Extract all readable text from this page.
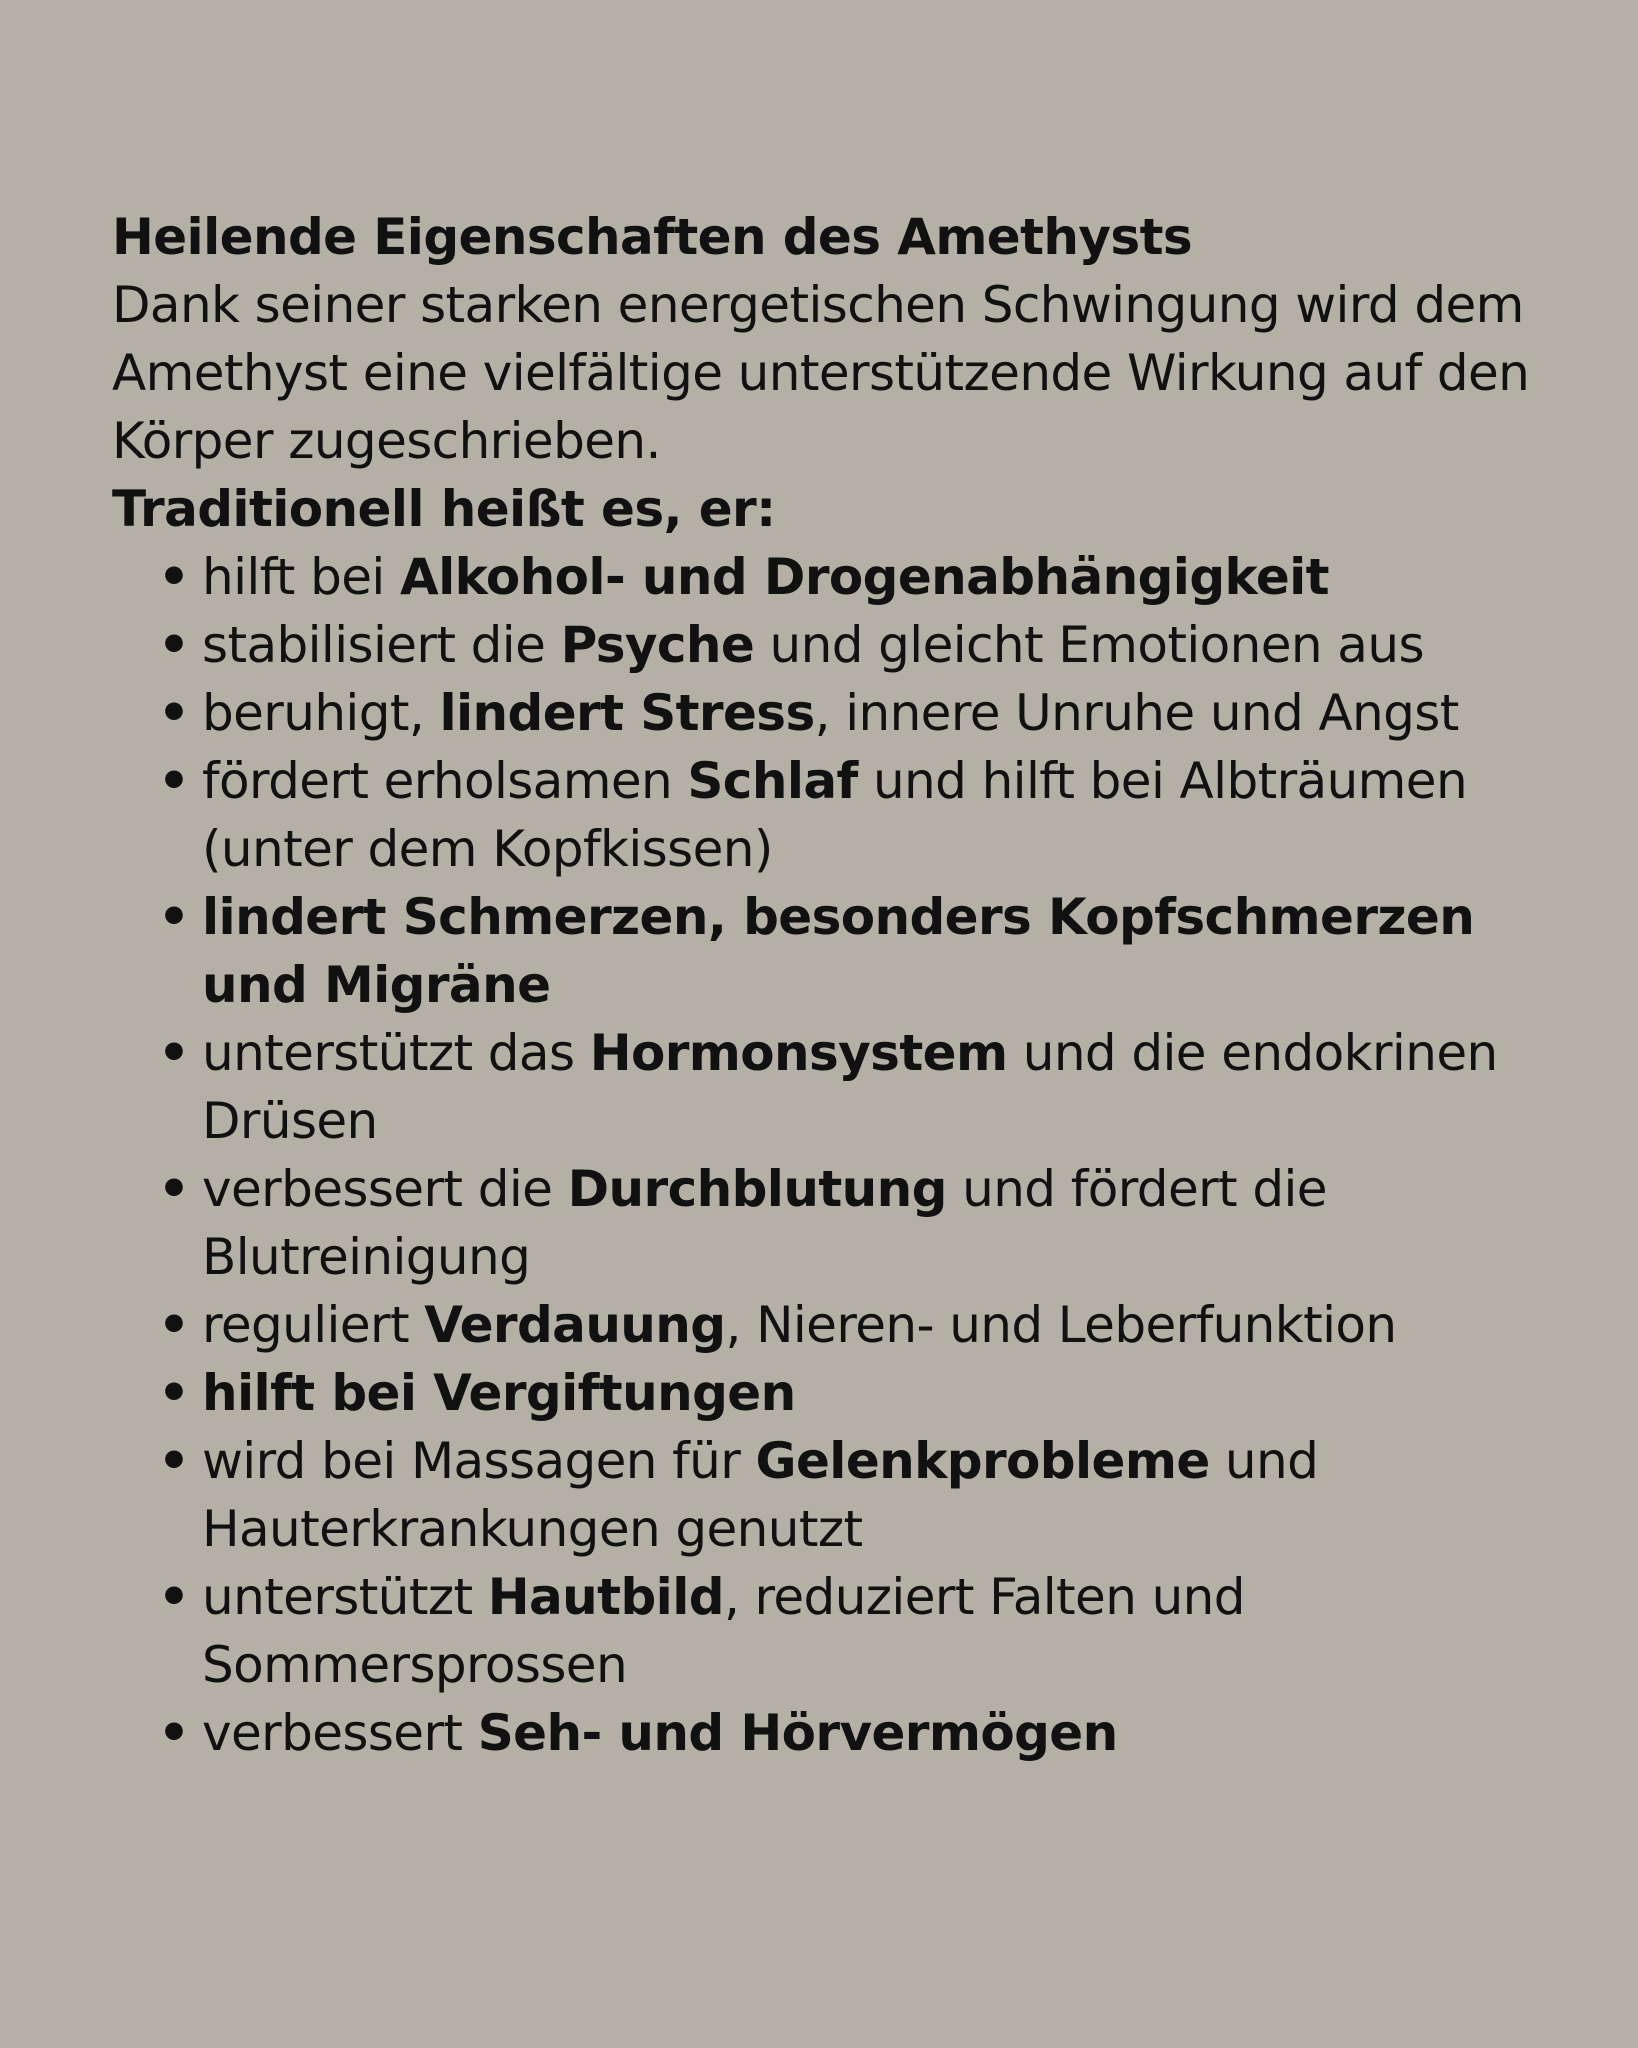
Heilende Eigenschaften des Amethysts

Dank seiner starken energetischen Schwingung wird dem Amethyst eine vielfältige unterstützende Wirkung auf den Körper zugeschrieben.

Traditionell heißt es, er:

• hilft bei Alkohol- und Drogenabhängigkeit
• stabilisiert die Psyche und gleicht Emotionen aus
• beruhigt, lindert Stress, innere Unruhe und Angst
• fördert erholsamen Schlaf und hilft bei Albträumen (unter dem Kopfkissen)
• lindert Schmerzen, besonders Kopfschmerzen und Migräne
• unterstützt das Hormonsystem und die endokrinen Drüsen
• verbessert die Durchblutung und fördert die Blutreinigung
• reguliert Verdauung, Nieren- und Leberfunktion
• hilft bei Vergiftungen
• wird bei Massagen für Gelenkprobleme und Hauterkrankungen genutzt
• unterstützt Hautbild, reduziert Falten und Sommersprossen
• verbessert Seh- und Hörvermögen
